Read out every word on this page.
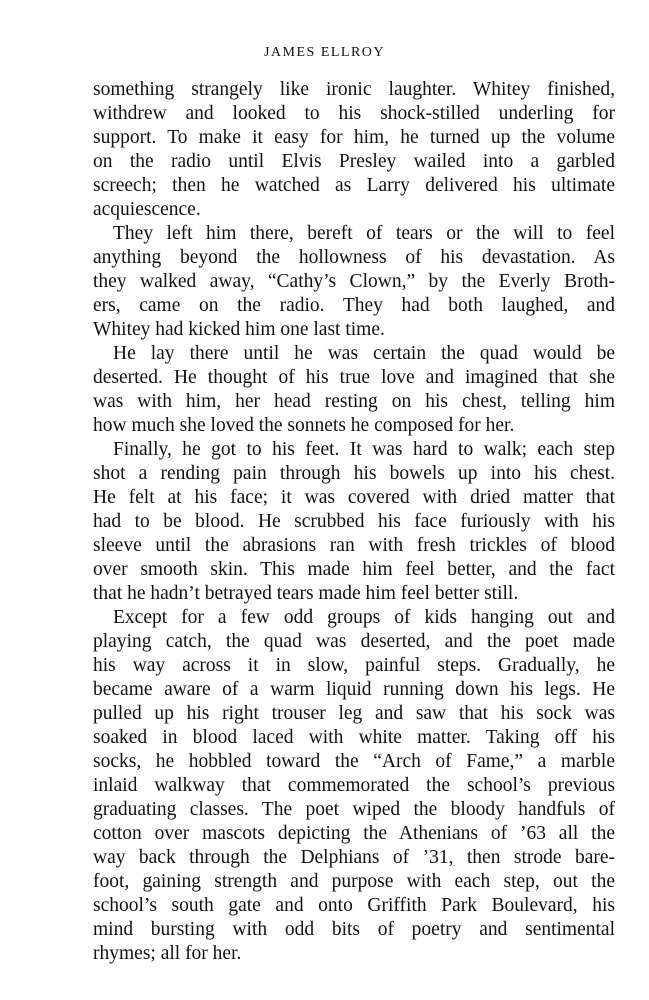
JAMES ELLROY
something strangely like ironic laughter. Whitey finished,
withdrew and looked to his shock-stilled underling for
support. To make it easy for him, he turned up the volume
on the radio until Elvis Presley wailed into a garbled
screech; then he watched as Larry delivered his ultimate
acquiescence.
They left him there, bereft of tears or the will to feel
anything beyond the hollowness of his devastation. As
they walked away, “Cathy’s Clown,” by the Everly Broth-
ers, came on the radio. They had both laughed, and
Whitey had kicked him one last time.
He lay there until he was certain the quad would be
deserted. He thought of his true love and imagined that she
was with him, her head resting on his chest, telling him
how much she loved the sonnets he composed for her.
Finally, he got to his feet. It was hard to walk; each step
shot a rending pain through his bowels up into his chest.
He felt at his face; it was covered with dried matter that
had to be blood. He scrubbed his face furiously with his
sleeve until the abrasions ran with fresh trickles of blood
over smooth skin. This made him feel better, and the fact
that he hadn’t betrayed tears made him feel better still.
Except for a few odd groups of kids hanging out and
playing catch, the quad was deserted, and the poet made
his way across it in slow, painful steps. Gradually, he
became aware of a warm liquid running down his legs. He
pulled up his right trouser leg and saw that his sock was
soaked in blood laced with white matter. Taking off his
socks, he hobbled toward the “Arch of Fame,” a marble
inlaid walkway that commemorated the school’s previous
graduating classes. The poet wiped the bloody handfuls of
cotton over mascots depicting the Athenians of ’63 all the
way back through the Delphians of ’31, then strode bare-
foot, gaining strength and purpose with each step, out the
school’s south gate and onto Griffith Park Boulevard, his
mind bursting with odd bits of poetry and sentimental
rhymes; all for her.
